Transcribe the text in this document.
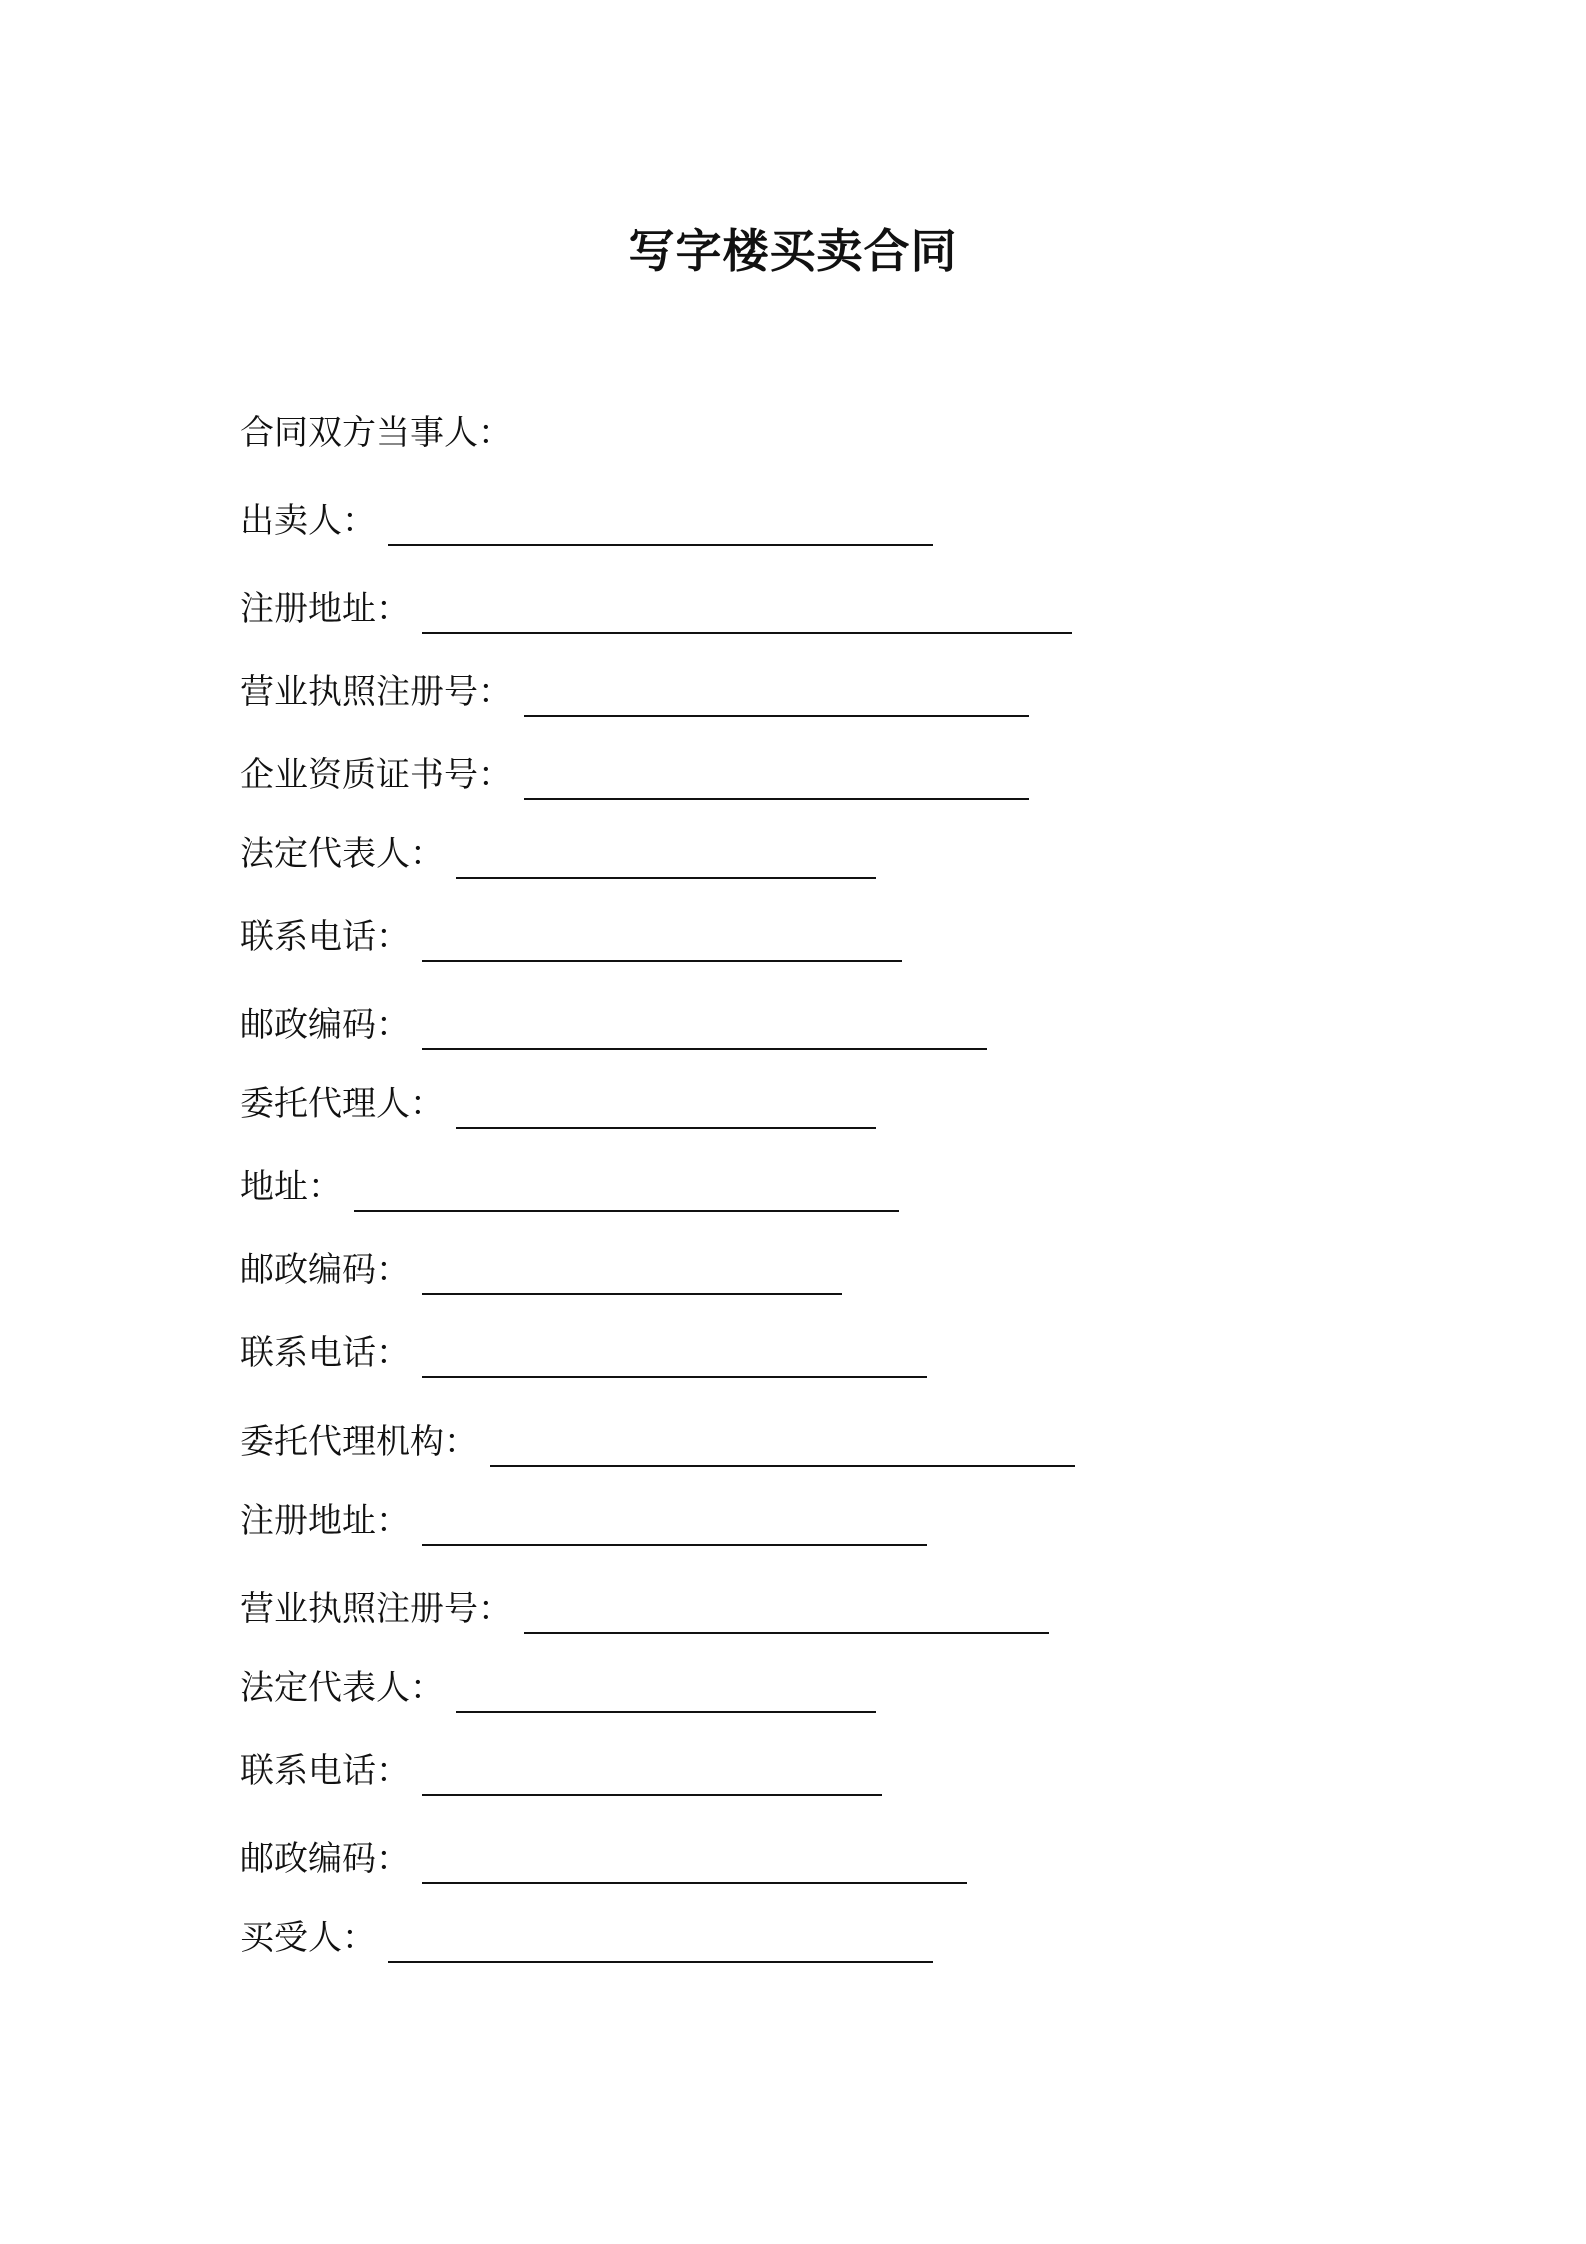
写字楼买卖合同
合同双方当事人：
出卖人：
注册地址：
营业执照注册号：
企业资质证书号：
法定代表人：
联系电话：
邮政编码：
委托代理人：
地址：
邮政编码：
联系电话：
委托代理机构：
注册地址：
营业执照注册号：
法定代表人：
联系电话：
邮政编码：
买受人：
